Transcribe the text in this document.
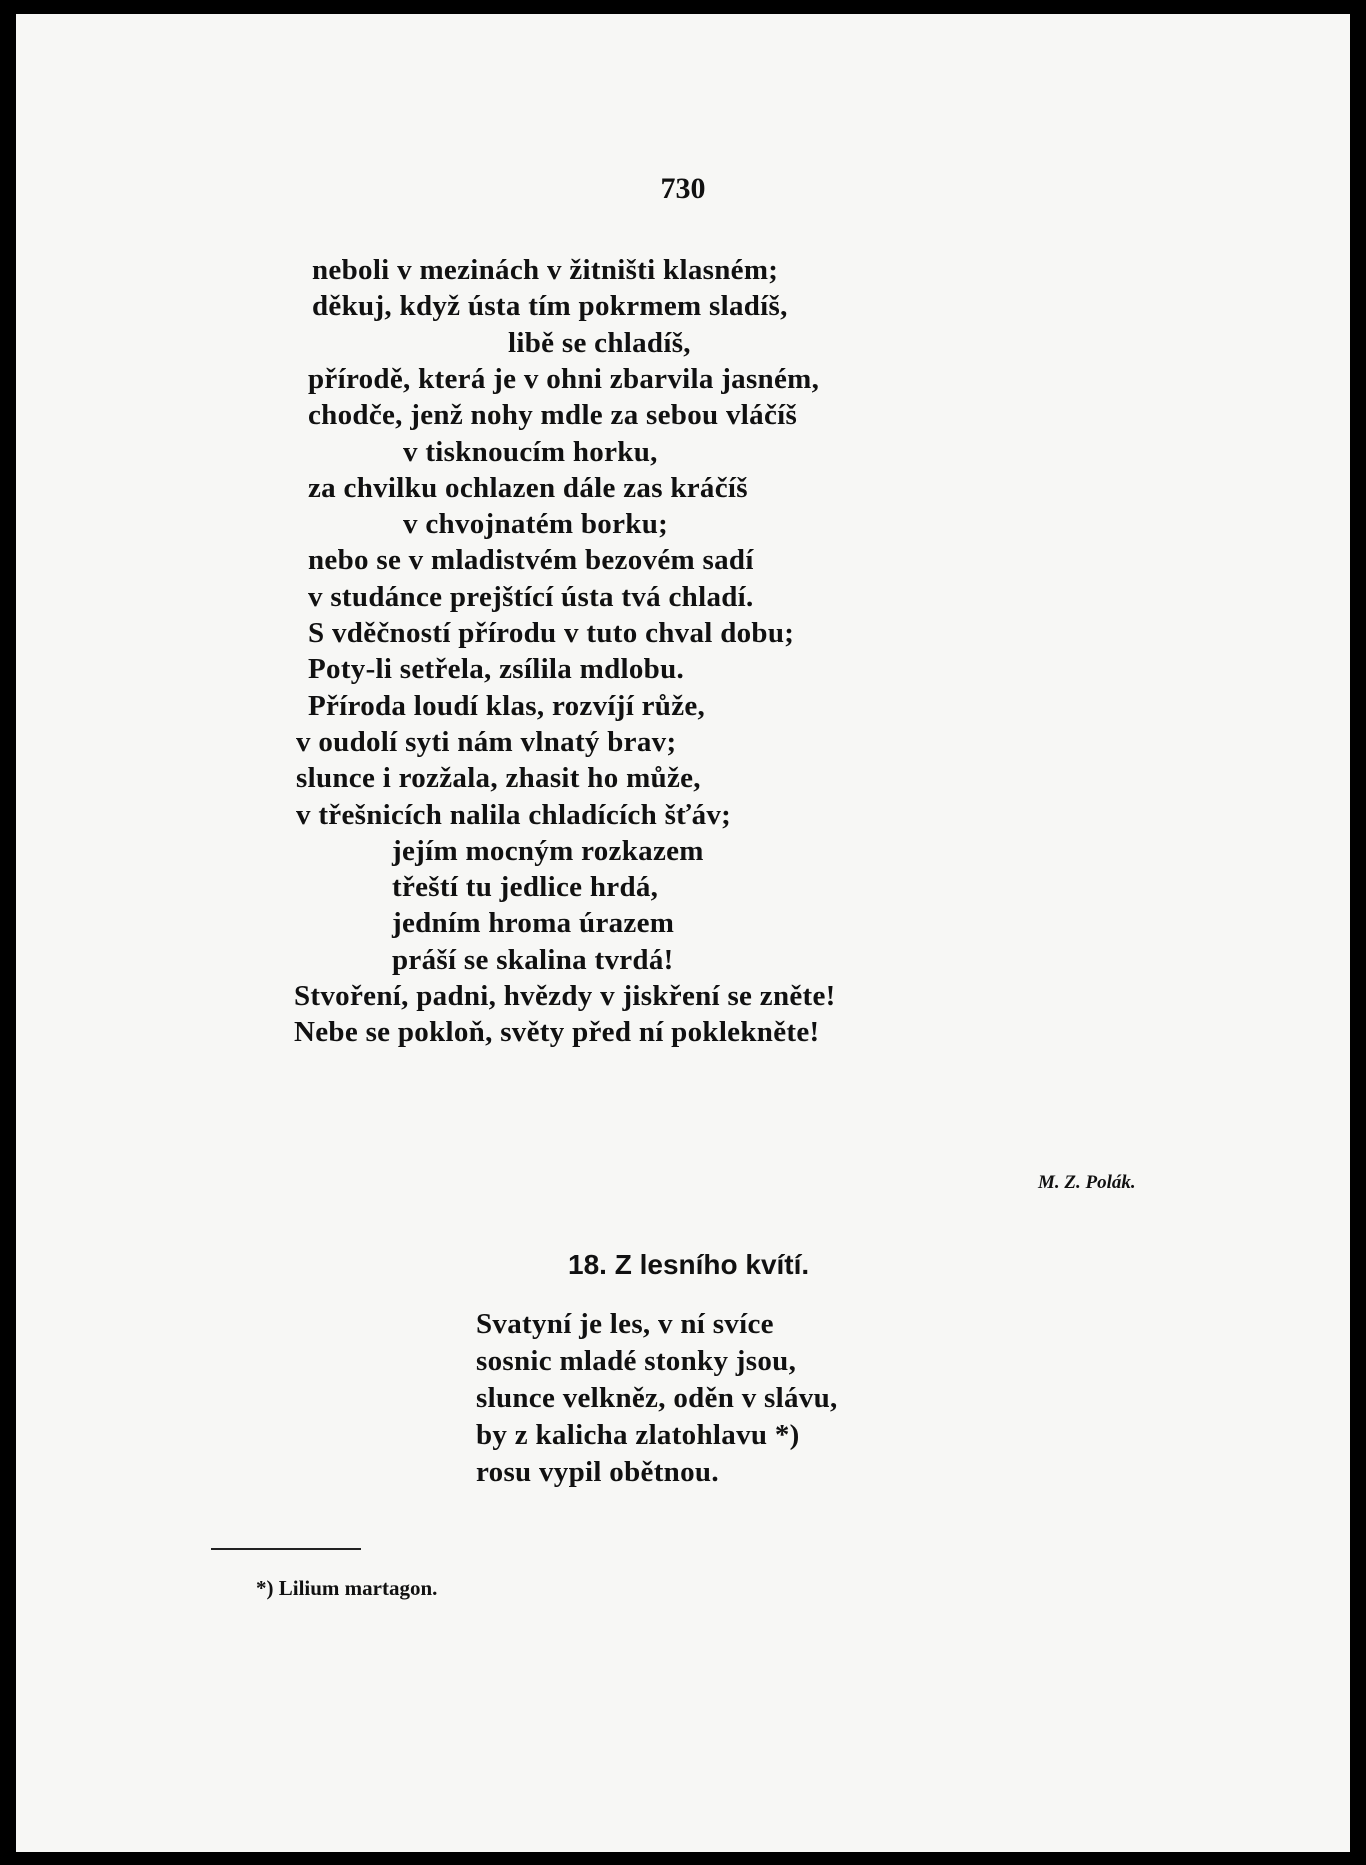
730
neboli v mezinách v žitništi klasném;
děkuj, když ústa tím pokrmem sladíš,
libě se chladíš,
přírodě, která je v ohni zbarvila jasném,
chodče, jenž nohy mdle za sebou vláčíš
v tisknoucím horku,
za chvilku ochlazen dále zas kráčíš
v chvojnatém borku;
nebo se v mladistvém bezovém sadí
v studánce prejštící ústa tvá chladí.
S vděčností přírodu v tuto chval dobu;
Poty-li setřela, zsílila mdlobu.
Příroda loudí klas, rozvíjí růže,
v oudolí syti nám vlnatý brav;
slunce i rozžala, zhasit ho může,
v třešnicích nalila chladících šťáv;
jejím mocným rozkazem
třeští tu jedlice hrdá,
jedním hroma úrazem
práší se skalina tvrdá!
Stvoření, padni, hvězdy v jiskření se zněte!
Nebe se pokloň, světy před ní poklekněte!
M. Z. Polák.
18. Z lesního kvítí.
Svatyní je les, v ní svíce
sosnic mladé stonky jsou,
slunce velkněz, oděn v slávu,
by z kalicha zlatohlavu *)
rosu vypil obětnou.
*) Lilium martagon.
